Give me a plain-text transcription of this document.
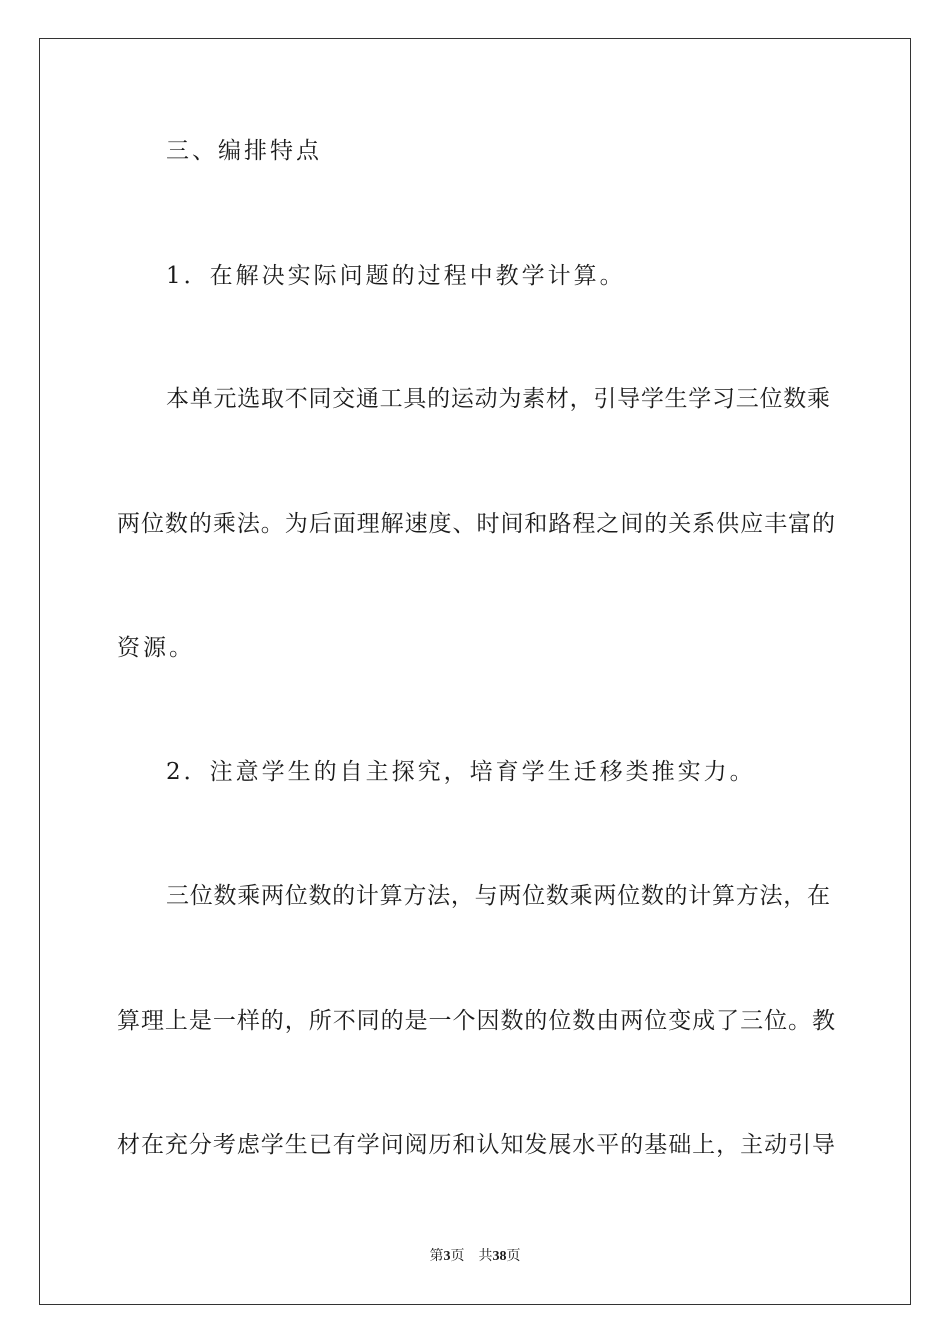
三、编排特点
1．在解决实际问题的过程中教学计算。
本单元选取不同交通工具的运动为素材，引导学生学习三位数乘
两位数的乘法。为后面理解速度、时间和路程之间的关系供应丰富的
资源。
2．注意学生的自主探究，培育学生迁移类推实力。
三位数乘两位数的计算方法，与两位数乘两位数的计算方法，在
算理上是一样的，所不同的是一个因数的位数由两位变成了三位。教
材在充分考虑学生已有学问阅历和认知发展水平的基础上，主动引导
第3页 共38页
